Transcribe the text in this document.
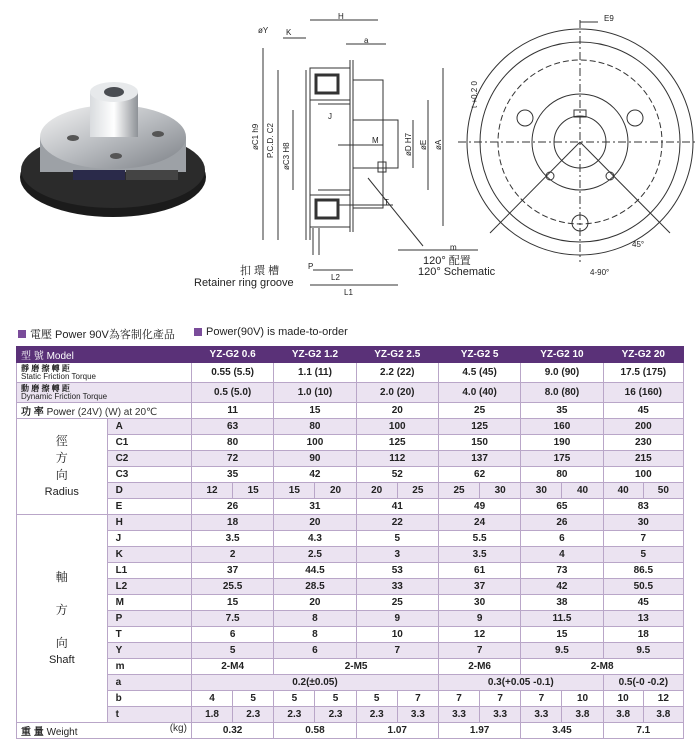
øY K
H
a
øC1 h9 P.C.D. C2 øC3 H8
J
M	øD H7 øE øA
T
m
P
L2
L1
E9
t +0.2 0
45°
4-90°
扣 環 槽
Retainer ring groove
120° 配置
120° Schematic
電壓 Power 90V為客制化產品	Power(90V) is made-to-order
型 號 Model		YZ-G2 0.6		YZ-G2 1.2		YZ-G2 2.5		YZ-G2 5		YZ-G2 10		YZ-G2 20	

靜 磨 擦 轉 距
Static Friction Torque		0.55 (5.5)		1.1 (11)		2.2 (22)		4.5 (45)		9.0 (90)		17.5 (175)	

動 磨 擦 轉 距
Dynamic Friction Torque		0.5 (5.0)		1.0 (10)		2.0 (20)		4.0 (40)		8.0 (80)		16 (160)	
功 率 Power (24V) (W) at 20℃		11		15		20		25		35		45	

徑
方
向
Radius	A	63		80		100		125		160		200	
	C1	80		100		125		150		190		230	
	C2	72		90		112		137		175		215	
	C3	35		42		52		62		80		100	
	D	12	15	15	20	20	25	25	30	30	40	40	50
	E	26		31		41		49		65		83	

軸
方
向
Shaft	H	18		20		22		24		26		30	
	J	3.5		4.3		5		5.5		6		7	
	K	2		2.5		3		3.5		4		5	
	L1	37		44.5		53		61		73		86.5	
	L2	25.5		28.5		33		37		42		50.5	
	M	15		20		25		30		38		45	
	P	7.5		8		9		9		11.5		13	
	T	6		8		10		12		15		18	
	Y	5		6		7		7		9.5		9.5	
	m	2-M4		2-M5				2-M6		2-M8			
	a	0.2(±0.05)						0.3(+0.05 -0.1)				0.5(-0 -0.2)	
	b	4	5	5	5	5	7	7	7	7	10	10	12
	t	1.8	2.3	2.3	2.3	2.3	3.3	3.3	3.3	3.3	3.8	3.8	3.8
重 量 Weight (kg)		0.32		0.58		1.07		1.97		3.45		7.1	
